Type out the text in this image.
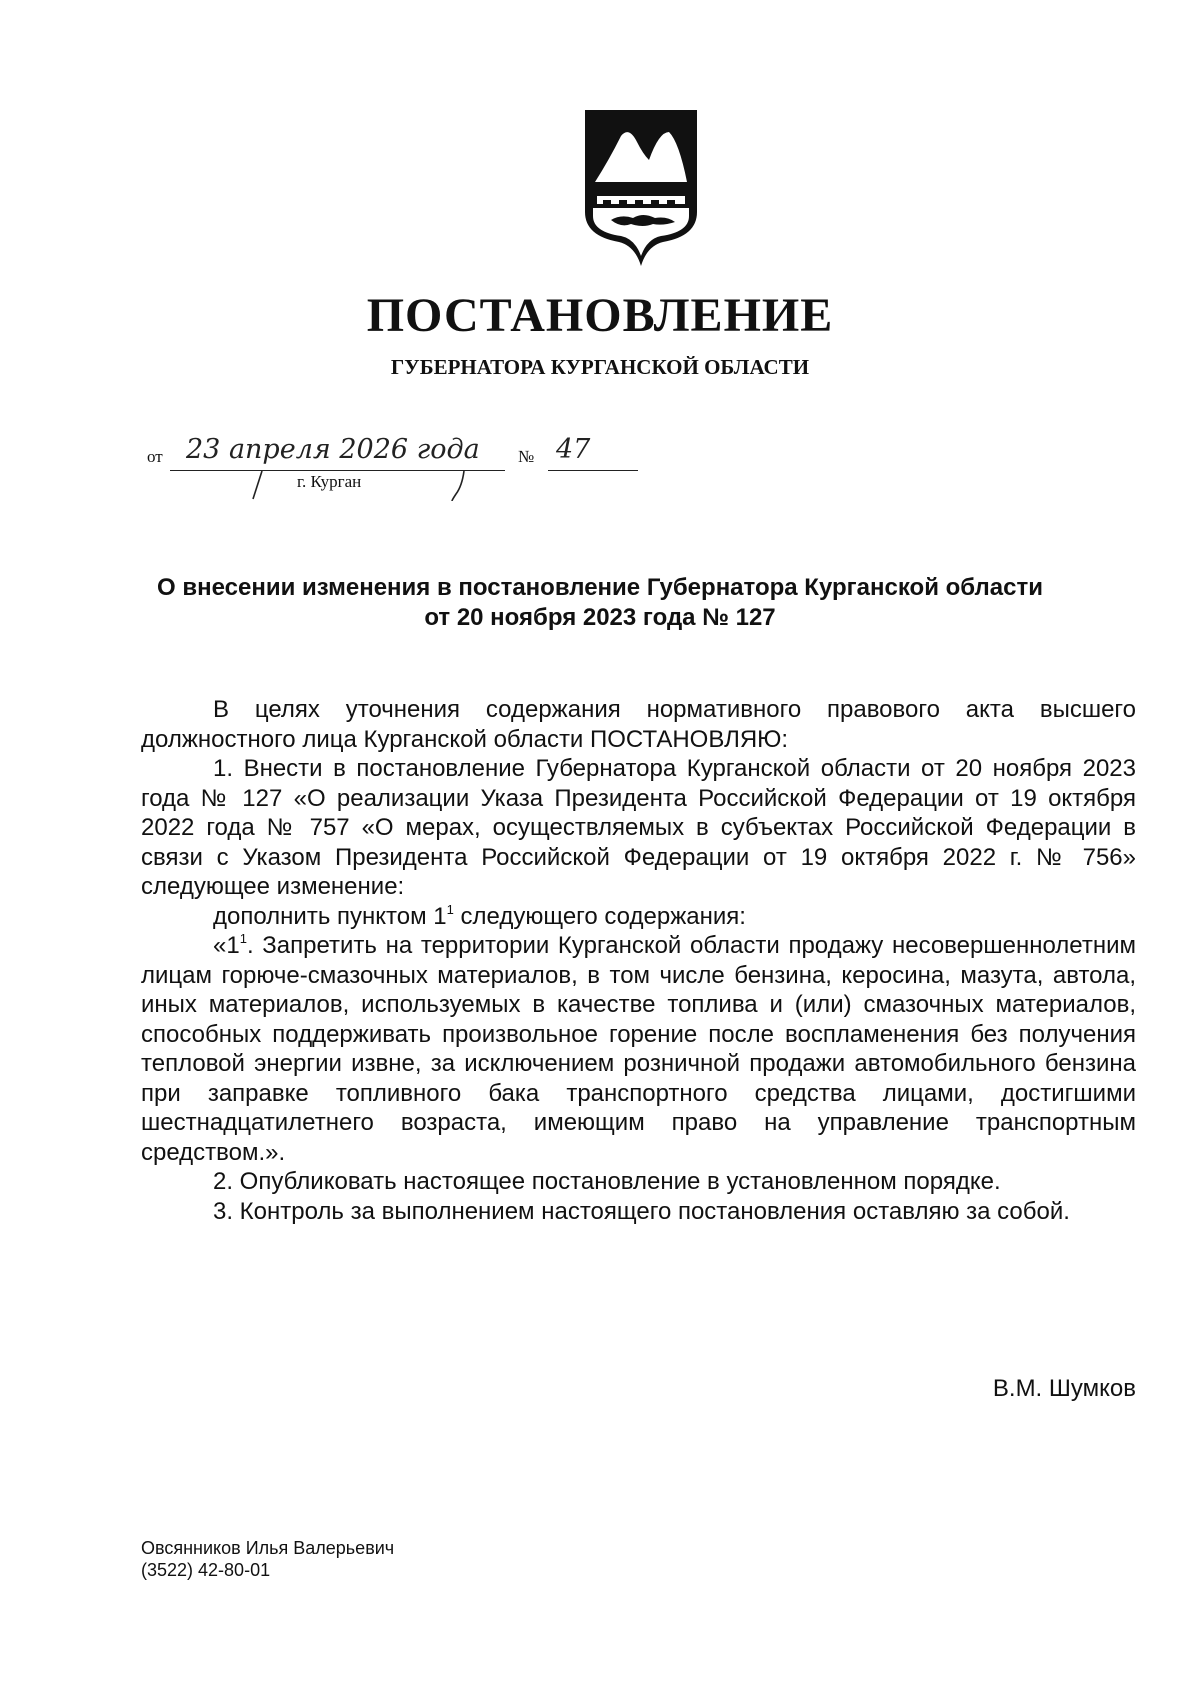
ПОСТАНОВЛЕНИЕ
ГУБЕРНАТОРА КУРГАНСКОЙ ОБЛАСТИ
от 23 апреля 2026 года № 47
г. Курган
О внесении изменения в постановление Губернатора Курганской области
от 20 ноября 2023 года № 127

В целях уточнения содержания нормативного правового акта высшего должностного лица Курганской области ПОСТАНОВЛЯЮ:

1. Внести в постановление Губернатора Курганской области от 20 ноября 2023 года № 127 «О реализации Указа Президента Российской Федерации от 19 октября 2022 года № 757 «О мерах, осуществляемых в субъектах Российской Федерации в связи с Указом Президента Российской Федерации от 19 октября 2022 г. № 756» следующее изменение:

дополнить пунктом $1^1$ следующего содержания:

«$1^1$. Запретить на территории Курганской области продажу несовершеннолетним лицам горюче-смазочных материалов, в том числе бензина, керосина, мазута, автола, иных материалов, используемых в качестве топлива и (или) смазочных материалов, способных поддерживать произвольное горение после воспламенения без получения тепловой энергии извне, за исключением розничной продажи автомобильного бензина при заправке топливного бака транспортного средства лицами, достигшими шестнадцатилетнего возраста, имеющим право на управление транспортным средством.».

2. Опубликовать настоящее постановление в установленном порядке.

3. Контроль за выполнением настоящего постановления оставляю за собой.

В.М. Шумков
Овсянников Илья Валерьевич
(3522) 42-80-01
